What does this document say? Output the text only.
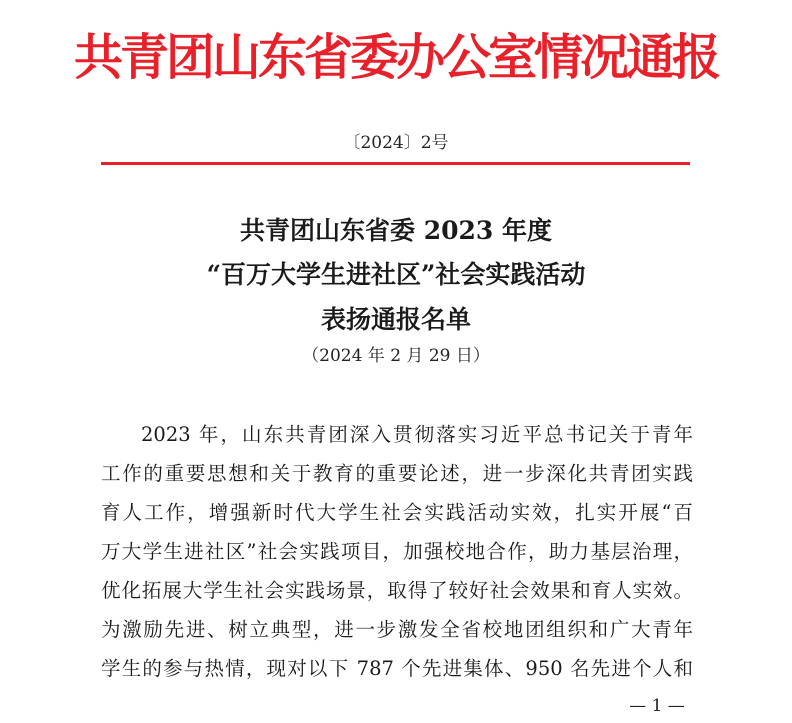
共青团山东省委办公室情况通报
〔2024〕2号
共青团山东省委 2023 年度
“百万大学生进社区”社会实践活动
表扬通报名单
（2024 年 2 月 29 日）
2023 年，山东共青团深入贯彻落实习近平总书记关于青年
工作的重要思想和关于教育的重要论述，进一步深化共青团实践
育人工作，增强新时代大学生社会实践活动实效，扎实开展“百
万大学生进社区”社会实践项目，加强校地合作，助力基层治理，
优化拓展大学生社会实践场景，取得了较好社会效果和育人实效。
为激励先进、树立典型，进一步激发全省校地团组织和广大青年
学生的参与热情，现对以下 787 个先进集体、950 名先进个人和
— 1 —
